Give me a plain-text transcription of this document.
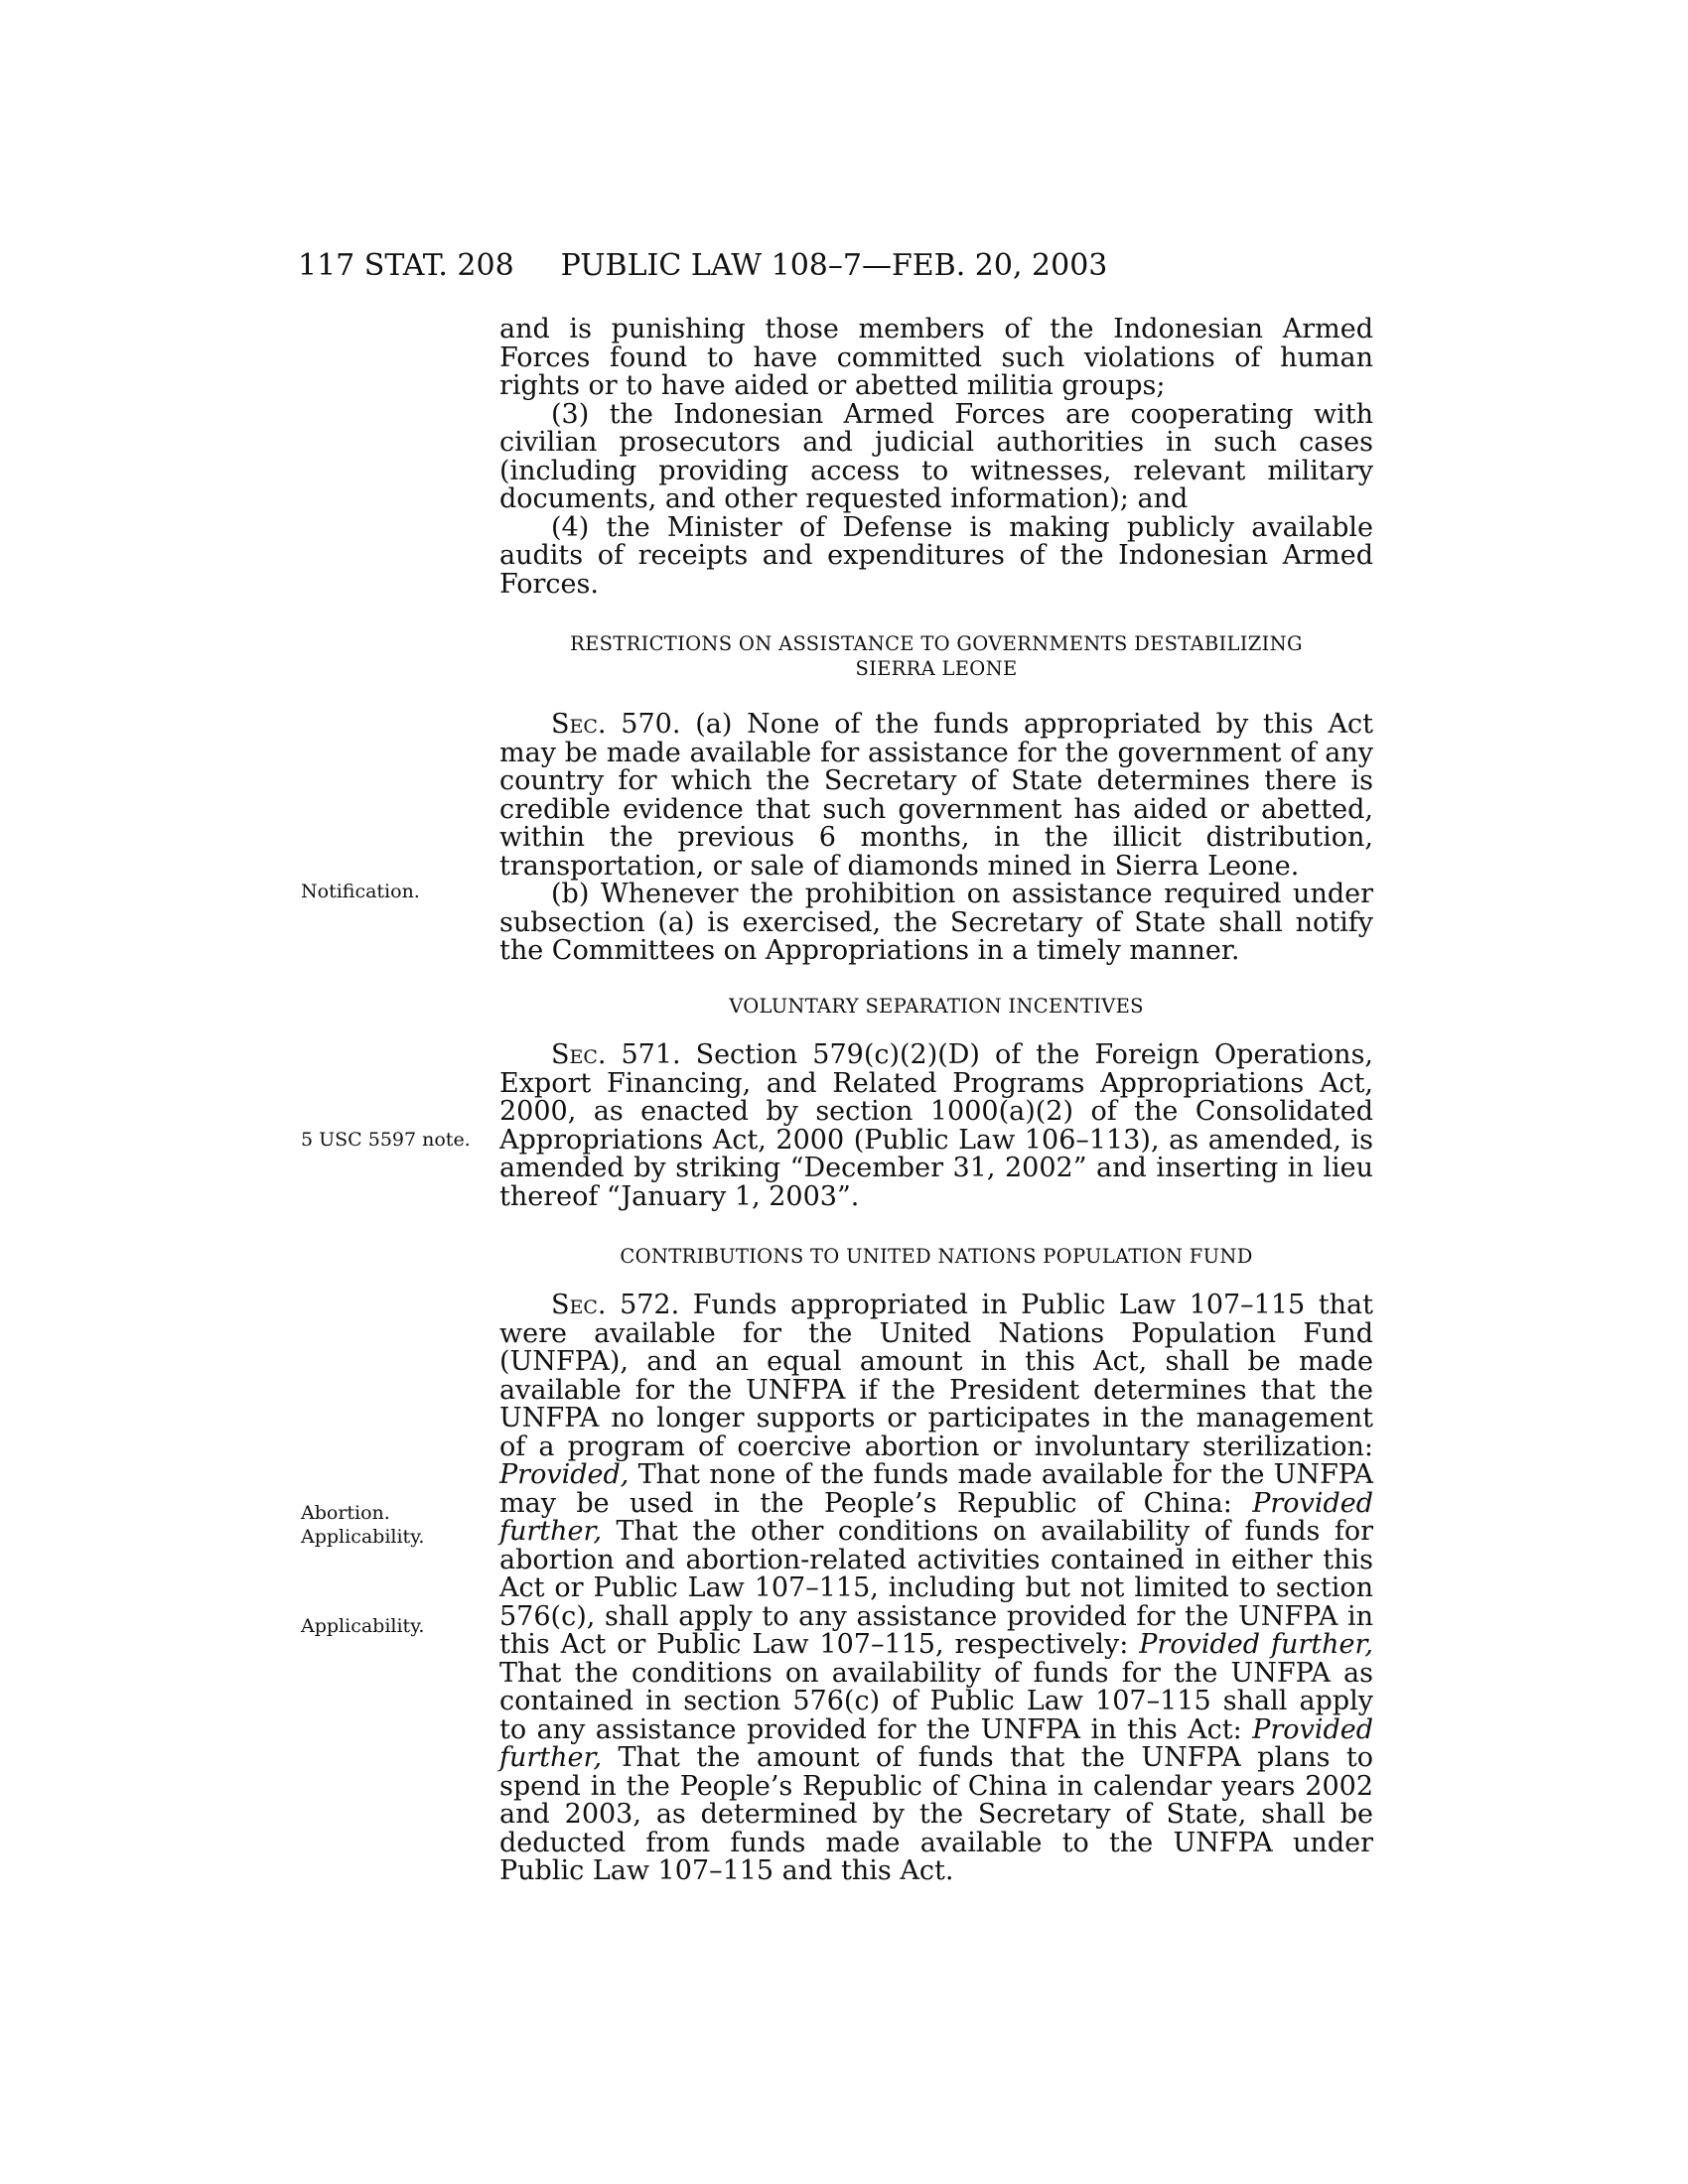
117 STAT. 208	PUBLIC LAW 108–7—FEB. 20, 2003

and is punishing those members of the Indonesian Armed Forces found to have committed such violations of human rights or to have aided or abetted militia groups;

(3) the Indonesian Armed Forces are cooperating with civilian prosecutors and judicial authorities in such cases (including providing access to witnesses, relevant military documents, and other requested information); and

(4) the Minister of Defense is making publicly available audits of receipts and expenditures of the Indonesian Armed Forces.

RESTRICTIONS ON ASSISTANCE TO GOVERNMENTS DESTABILIZING
SIERRA LEONE

Sec. 570. (a) None of the funds appropriated by this Act may be made available for assistance for the government of any country for which the Secretary of State determines there is credible evidence that such government has aided or abetted, within the previous 6 months, in the illicit distribution, transportation, or sale of diamonds mined in Sierra Leone.

(b) Whenever the prohibition on assistance required under subsection (a) is exercised, the Secretary of State shall notify the Committees on Appropriations in a timely manner.

Notification.
VOLUNTARY SEPARATION INCENTIVES

Sec. 571. Section 579(c)(2)(D) of the Foreign Operations, Export Financing, and Related Programs Appropriations Act, 2000, as enacted by section 1000(a)(2) of the Consolidated Appropriations Act, 2000 (Public Law 106–113), as amended, is amended by striking “December 31, 2002” and inserting in lieu thereof “January 1, 2003”.

5 USC 5597 note.
CONTRIBUTIONS TO UNITED NATIONS POPULATION FUND

Sec. 572. Funds appropriated in Public Law 107–115 that were available for the United Nations Population Fund (UNFPA), and an equal amount in this Act, shall be made available for the UNFPA if the President determines that the UNFPA no longer supports or participates in the management of a program of coercive abortion or involuntary sterilization: Provided, That none of the funds made available for the UNFPA may be used in the People’s Republic of China: Provided further, That the other conditions on availability of funds for abortion and abortion-related activities contained in either this Act or Public Law 107–115, including but not limited to section 576(c), shall apply to any assistance provided for the UNFPA in this Act or Public Law 107–115, respectively: Provided further, That the conditions on availability of funds for the UNFPA as contained in section 576(c) of Public Law 107–115 shall apply to any assistance provided for the UNFPA in this Act: Provided further, That the amount of funds that the UNFPA plans to spend in the People’s Republic of China in calendar years 2002 and 2003, as determined by the Secretary of State, shall be deducted from funds made available to the UNFPA under Public Law 107–115 and this Act.

Abortion.
Applicability.
Applicability.
